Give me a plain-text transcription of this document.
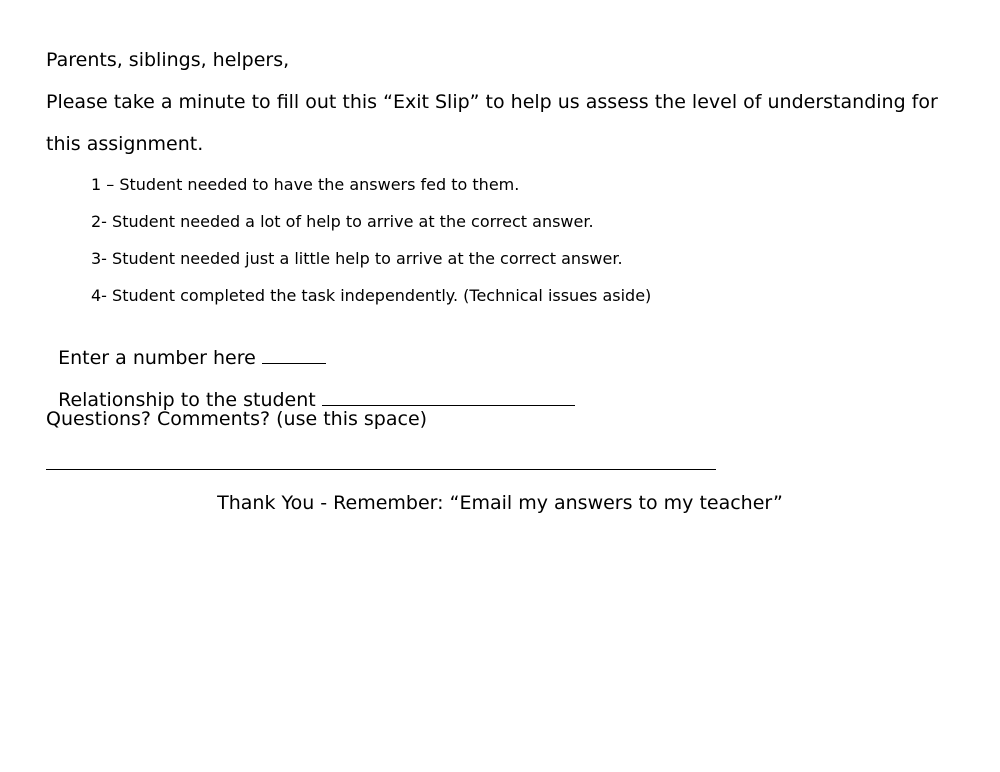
Parents, siblings, helpers,
Please take a minute to fill out this “Exit Slip” to help us assess the level of understanding for
this assignment.
1 – Student needed to have the answers fed to them.
2- Student needed a lot of help to arrive at the correct answer.
3- Student needed just a little help to arrive at the correct answer.
4- Student completed the task independently. (Technical issues aside)

Enter a number here

Relationship to the student

Questions? Comments? (use this space)
Thank You - Remember: “Email my answers to my teacher”
